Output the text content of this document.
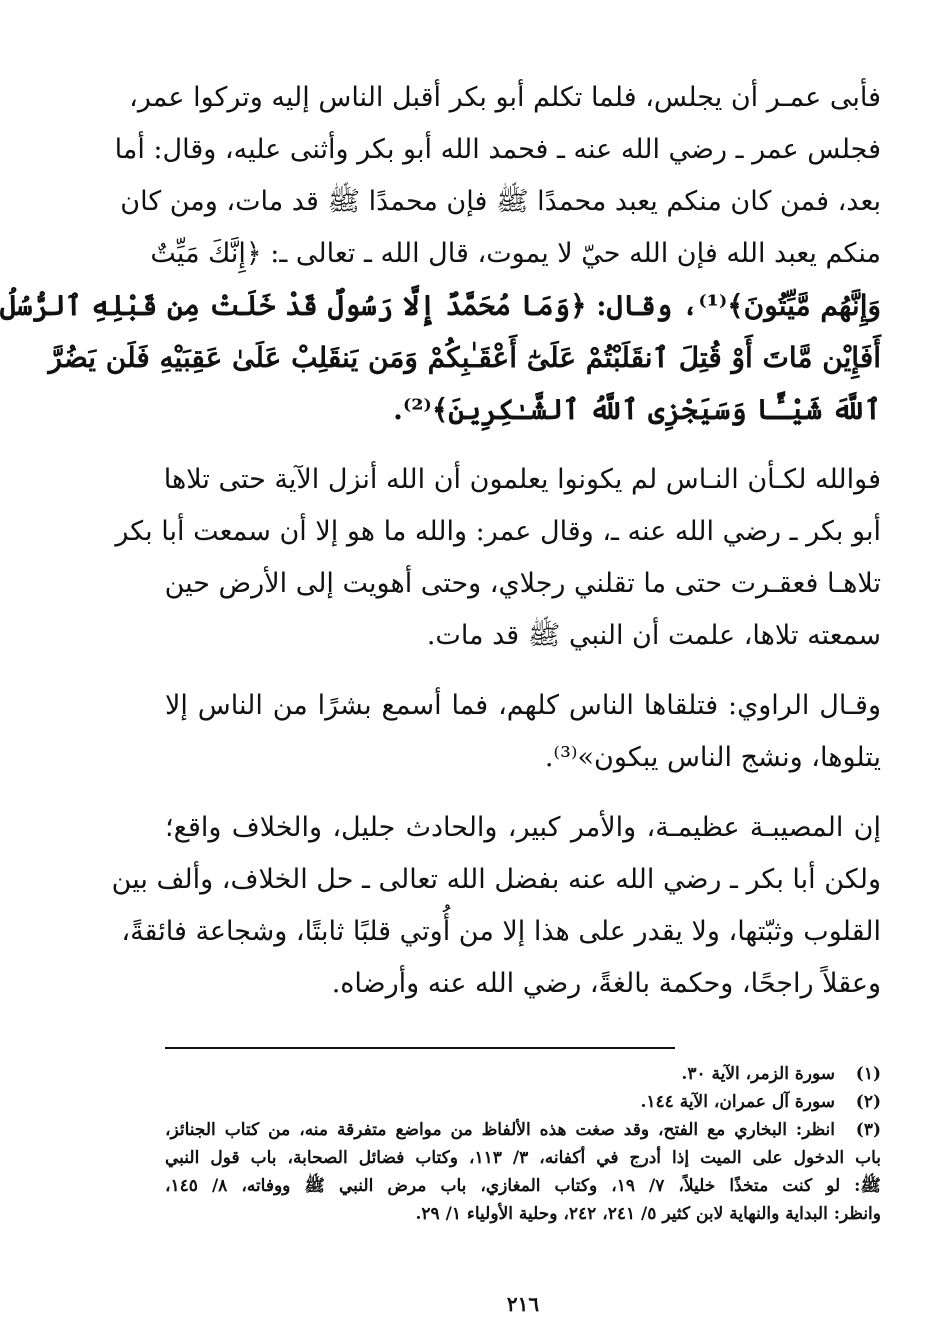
فأبى عمـر أن يجلس، فلما تكلم أبو بكر أقبل الناس إليه وتركوا عمر،
فجلس عمر ـ رضي الله عنه ـ فحمد الله أبو بكر وأثنى عليه، وقال: أما
بعد، فمن كان منكم يعبد محمدًا ﷺ فإن محمدًا ﷺ قد مات، ومن كان
منكم يعبد الله فإن الله حيّ لا يموت، قال الله ـ تعالى ـ: ﴿إِنَّكَ مَيِّتٌ
وَإِنَّهُم مَّيِّتُونَ﴾⁽¹⁾، وقال: ﴿وَمَا مُحَمَّدٌ إِلَّا رَسُولٌ قَدْ خَلَتْ مِن قَبْلِهِ ٱلرُّسُلُ
أَفَإِيْن مَّاتَ أَوْ قُتِلَ ٱنقَلَبْتُمْ عَلَىٰٓ أَعْقَـٰبِكُمْ وَمَن يَنقَلِبْ عَلَىٰ عَقِبَيْهِ فَلَن يَضُرَّ
ٱللَّهَ شَيْـًٔا وَسَيَجْزِى ٱللَّهُ ٱلشَّـٰكِرِينَ﴾⁽²⁾.
فوالله لكـأن النـاس لم يكونوا يعلمون أن الله أنزل الآية حتى تلاها
أبو بكر ـ رضي الله عنه ـ، وقال عمر: والله ما هو إلا أن سمعت أبا بكر
تلاهـا فعقـرت حتى ما تقلني رجلاي، وحتى أهويت إلى الأرض حين
سمعته تلاها، علمت أن النبي ﷺ قد مات.
وقـال الراوي: فتلقاها الناس كلهم، فما أسمع بشرًا من الناس إلا
يتلوها، ونشج الناس يبكون»⁽³⁾.
إن المصيبـة عظيمـة، والأمر كبير، والحادث جليل، والخلاف واقع؛
ولكن أبا بكر ـ رضي الله عنه بفضل الله تعالى ـ حل الخلاف، وألف بين
القلوب وثبّتها، ولا يقدر على هذا إلا من أُوتي قلبًا ثابتًا، وشجاعة فائقةً،
وعقلاً راجحًا، وحكمة بالغةً، رضي الله عنه وأرضاه.
(١)
سورة الزمر، الآية ٣٠.
(٢)
سورة آل عمران، الآية ١٤٤.
(٣)
انظر: البخاري مع الفتح، وقد صغت هذه الألفاظ من مواضع متفرقة منه، من كتاب الجنائز،
باب الدخول على الميت إذا أدرج في أكفانه، ٣/ ١١٣، وكتاب فضائل الصحابة، باب قول النبي
ﷺ: لو كنت متخذًا خليلاً، ٧/ ١٩، وكتاب المغازي، باب مرض النبي ﷺ ووفاته، ٨/ ١٤٥،
وانظر: البداية والنهاية لابن كثير ٥/ ٢٤١، ٢٤٢، وحلية الأولياء ١/ ٢٩.
٢١٦
